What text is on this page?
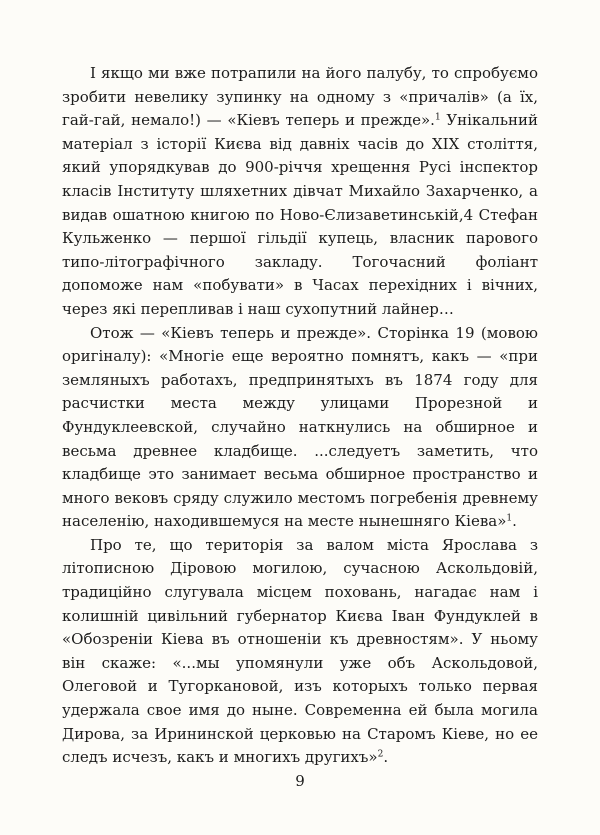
І якщо ми вже потрапили на його палубу, то спробуємо зробити невелику зупинку на одному з «причалів» (а їх, гай-гай, немало!) — «Кіевъ теперь и прежде».$^1$ Унікальний матеріал з історії Києва від давніх часів до XIX століття, який упорядкував до 900-річчя хрещення Русі інспектор класів Інституту шляхетних дівчат Михайло Захарченко, а видав ошатною книгою по Ново-Єлизаветинській,4 Стефан Кульженко — першої гільдії купець, власник парового типо-літографічного закладу. Тогочасний фоліант допоможе нам «побувати» в Часах перехідних і вічних, через які перепливав і наш сухопутний лайнер…

Отож — «Кіевъ теперь и прежде». Сторінка 19 (мовою оригіналу): «Многіе еще вероятно помнятъ, какъ — «при земляныхъ работахъ, предпринятыхъ въ 1874 году для расчистки места между улицами Прорезной и Фундуклеевской, случайно наткнулись на обширное и весьма древнее кладбище. ...следуетъ заметить, что кладбище это занимает весьма обширное пространство и много вековъ сряду служило местомъ погребенія древнему населенію, находившемуся на месте нынешняго Кіева»$^1$.

Про те, що територія за валом міста Ярослава з літописною Діровою могилою, сучасною Аскольдовій, традиційно слугувала місцем поховань, нагадає нам і колишній цивільний губернатор Києва Іван Фундуклей в «Обозреніи Кіева въ отношеніи къ древностям». У ньому він скаже: «...мы упомянули уже объ Аскольдовой, Олеговой и Тугоркановой, изъ которыхъ только первая удержала свое имя до ныне. Современна ей была могила Дирова, за Ирининской церковью на Старомъ Кіеве, но ее следъ исчезъ, какъ и многихъ другихъ»$^2$.

9
